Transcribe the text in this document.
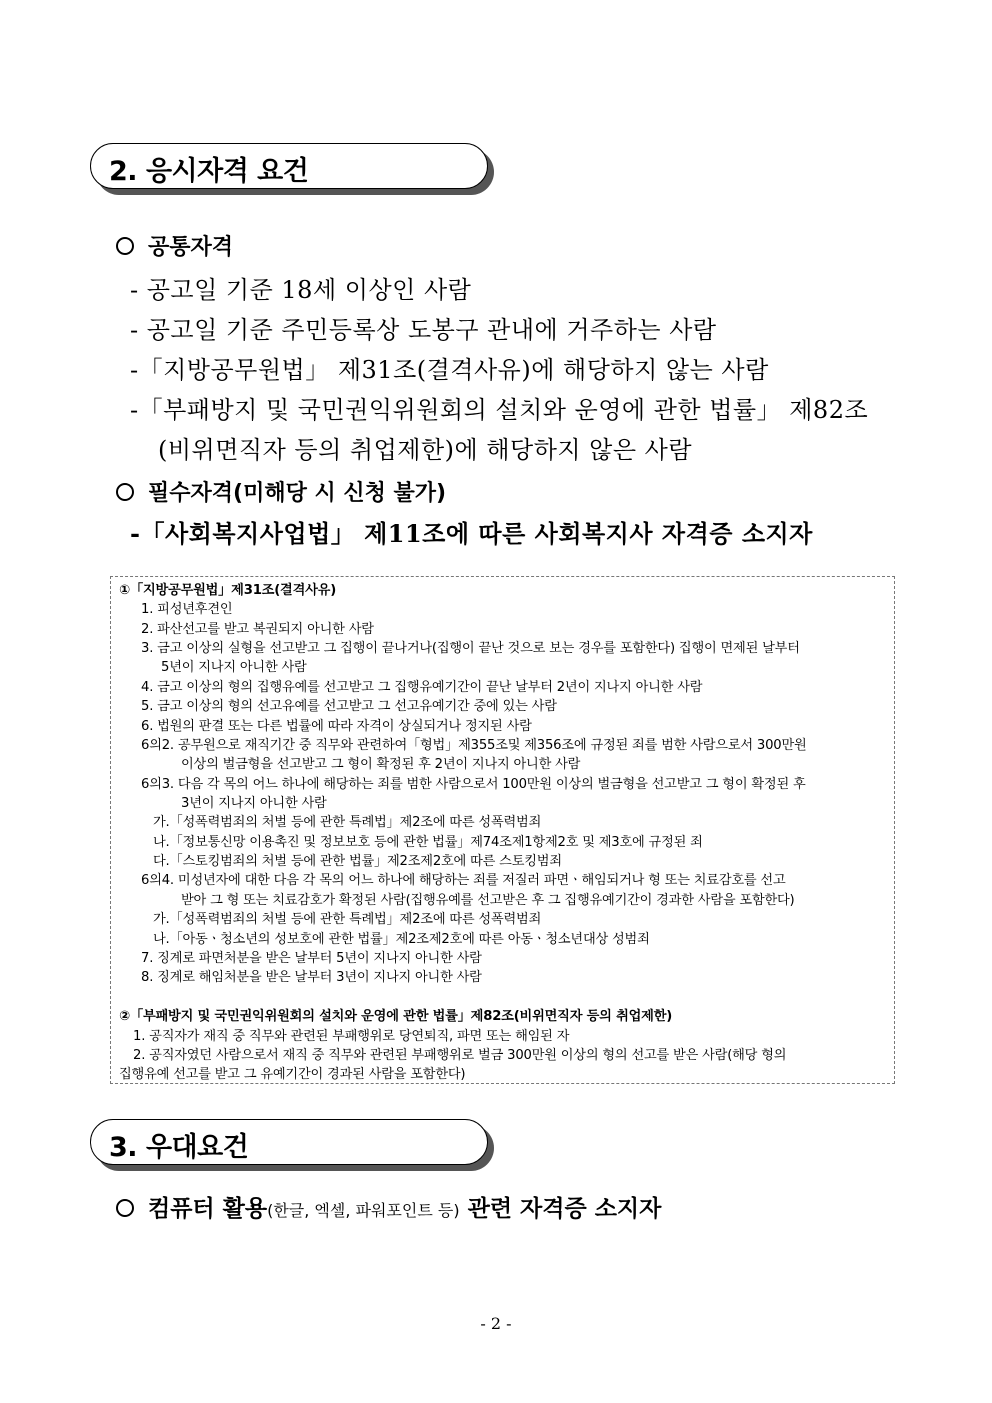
2. 응시자격 요건
공통자격
- 공고일 기준 18세 이상인 사람
- 공고일 기준 주민등록상 도봉구 관내에 거주하는 사람
-「지방공무원법」 제31조(결격사유)에 해당하지 않는 사람
-「부패방지 및 국민권익위원회의 설치와 운영에 관한 법률」 제82조
(비위면직자 등의 취업제한)에 해당하지 않은 사람
필수자격(미해당 시 신청 불가)
-「사회복지사업법」 제11조에 따른 사회복지사 자격증 소지자
①「지방공무원법」제31조(결격사유)
1. 피성년후견인
2. 파산선고를 받고 복권되지 아니한 사람
3. 금고 이상의 실형을 선고받고 그 집행이 끝나거나(집행이 끝난 것으로 보는 경우를 포함한다) 집행이 면제된 날부터
5년이 지나지 아니한 사람
4. 금고 이상의 형의 집행유예를 선고받고 그 집행유예기간이 끝난 날부터 2년이 지나지 아니한 사람
5. 금고 이상의 형의 선고유예를 선고받고 그 선고유예기간 중에 있는 사람
6. 법원의 판결 또는 다른 법률에 따라 자격이 상실되거나 정지된 사람
6의2. 공무원으로 재직기간 중 직무와 관련하여「형법」제355조및 제356조에 규정된 죄를 범한 사람으로서 300만원
이상의 벌금형을 선고받고 그 형이 확정된 후 2년이 지나지 아니한 사람
6의3. 다음 각 목의 어느 하나에 해당하는 죄를 범한 사람으로서 100만원 이상의 벌금형을 선고받고 그 형이 확정된 후
3년이 지나지 아니한 사람
가.「성폭력범죄의 처벌 등에 관한 특례법」제2조에 따른 성폭력범죄
나.「정보통신망 이용촉진 및 정보보호 등에 관한 법률」제74조제1항제2호 및 제3호에 규정된 죄
다.「스토킹범죄의 처벌 등에 관한 법률」제2조제2호에 따른 스토킹범죄
6의4. 미성년자에 대한 다음 각 목의 어느 하나에 해당하는 죄를 저질러 파면ㆍ해임되거나 형 또는 치료감호를 선고
받아 그 형 또는 치료감호가 확정된 사람(집행유예를 선고받은 후 그 집행유예기간이 경과한 사람을 포함한다)
가.「성폭력범죄의 처벌 등에 관한 특례법」제2조에 따른 성폭력범죄
나.「아동ㆍ청소년의 성보호에 관한 법률」제2조제2호에 따른 아동ㆍ청소년대상 성범죄
7. 징계로 파면처분을 받은 날부터 5년이 지나지 아니한 사람
8. 징계로 해임처분을 받은 날부터 3년이 지나지 아니한 사람
②「부패방지 및 국민권익위원회의 설치와 운영에 관한 법률」제82조(비위면직자 등의 취업제한)
1. 공직자가 재직 중 직무와 관련된 부패행위로 당연퇴직, 파면 또는 해임된 자
2. 공직자였던 사람으로서 재직 중 직무와 관련된 부패행위로 벌금 300만원 이상의 형의 선고를 받은 사람(해당 형의
집행유예 선고를 받고 그 유예기간이 경과된 사람을 포함한다)
3. 우대요건
컴퓨터 활용(한글, 엑셀, 파워포인트 등) 관련 자격증 소지자
- 2 -
